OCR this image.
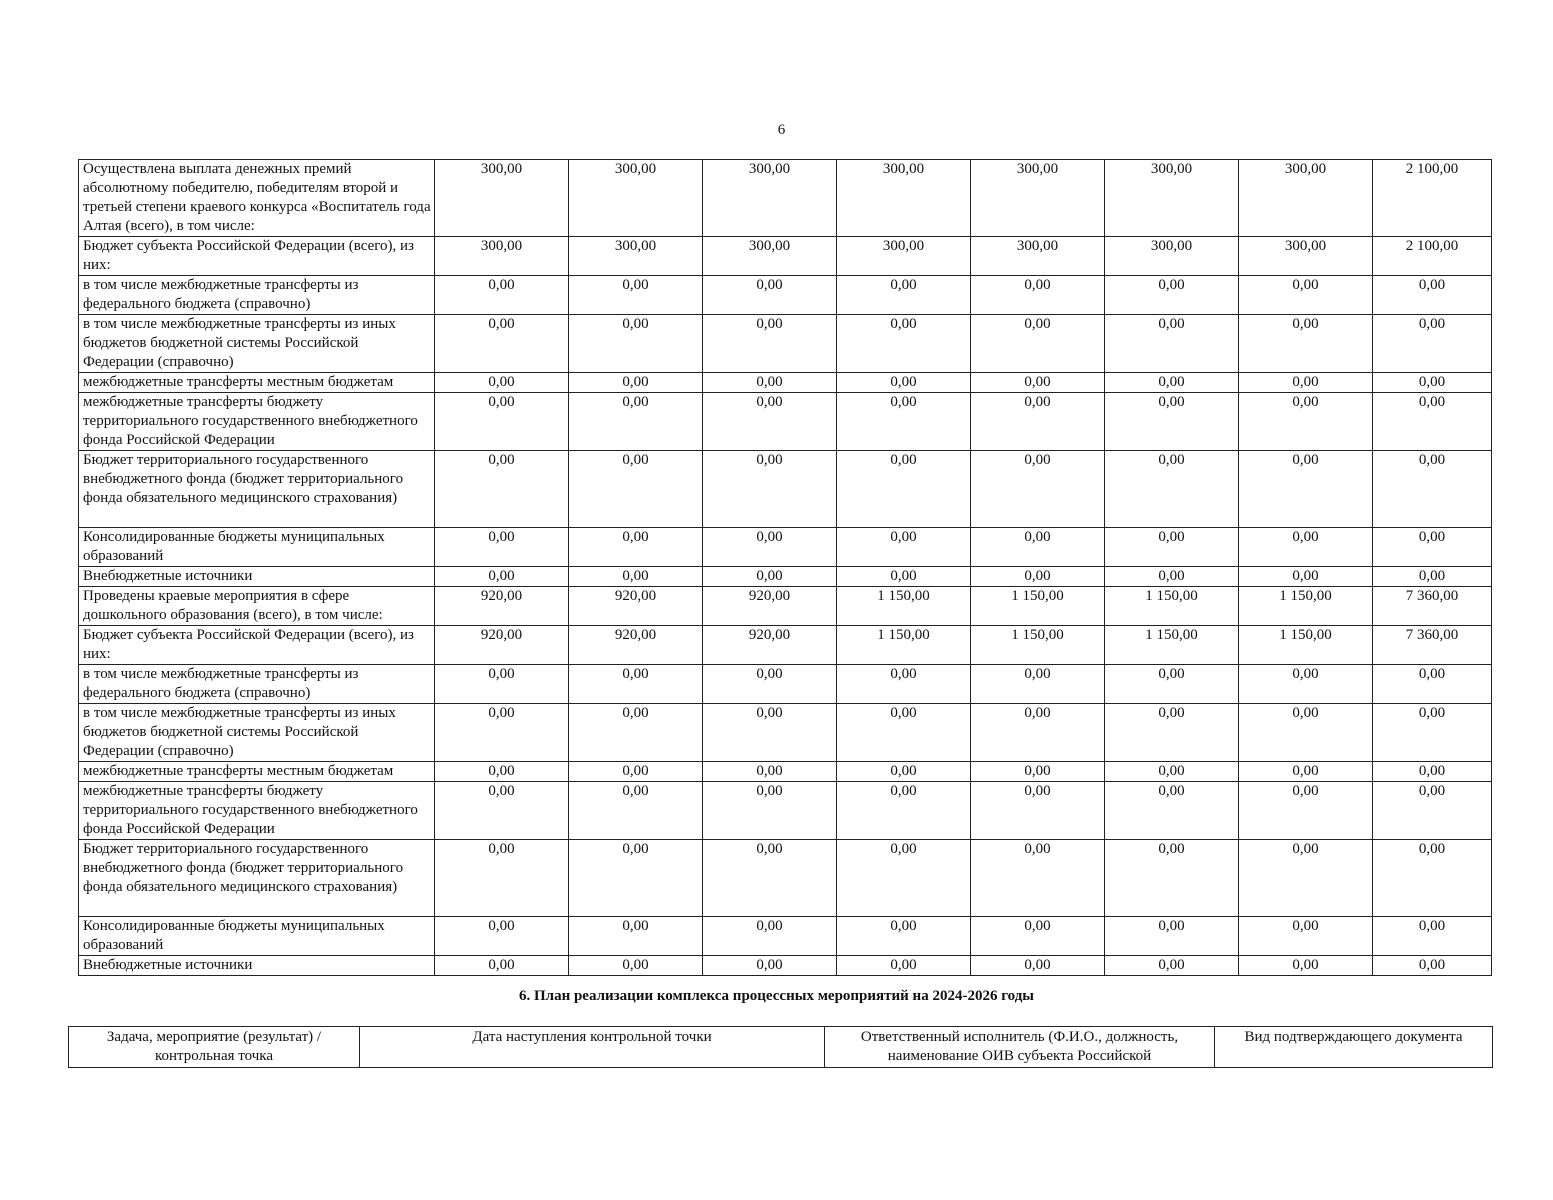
6
Осуществлена выплата денежных премий абсолютному победителю, победителям второй и третьей степени краевого конкурса «Воспитатель года Алтая (всего), в том числе:	300,00	300,00	300,00	300,00	300,00	300,00	300,00	2 100,00
Бюджет субъекта Российской Федерации (всего), из них:	300,00	300,00	300,00	300,00	300,00	300,00	300,00	2 100,00
в том числе межбюджетные трансферты из федерального бюджета (справочно)	0,00	0,00	0,00	0,00	0,00	0,00	0,00	0,00
в том числе межбюджетные трансферты из иных бюджетов бюджетной системы Российской Федерации (справочно)	0,00	0,00	0,00	0,00	0,00	0,00	0,00	0,00
межбюджетные трансферты местным бюджетам	0,00	0,00	0,00	0,00	0,00	0,00	0,00	0,00
межбюджетные трансферты бюджету территориального государственного внебюджетного фонда Российской Федерации	0,00	0,00	0,00	0,00	0,00	0,00	0,00	0,00
Бюджет территориального государственного внебюджетного фонда (бюджет территориального фонда обязательного медицинского страхования)	0,00	0,00	0,00	0,00	0,00	0,00	0,00	0,00
Консолидированные бюджеты муниципальных образований	0,00	0,00	0,00	0,00	0,00	0,00	0,00	0,00
Внебюджетные источники	0,00	0,00	0,00	0,00	0,00	0,00	0,00	0,00
Проведены краевые мероприятия в сфере дошкольного образования (всего), в том числе:	920,00	920,00	920,00	1 150,00	1 150,00	1 150,00	1 150,00	7 360,00
Бюджет субъекта Российской Федерации (всего), из них:	920,00	920,00	920,00	1 150,00	1 150,00	1 150,00	1 150,00	7 360,00
в том числе межбюджетные трансферты из федерального бюджета (справочно)	0,00	0,00	0,00	0,00	0,00	0,00	0,00	0,00
в том числе межбюджетные трансферты из иных бюджетов бюджетной системы Российской Федерации (справочно)	0,00	0,00	0,00	0,00	0,00	0,00	0,00	0,00
межбюджетные трансферты местным бюджетам	0,00	0,00	0,00	0,00	0,00	0,00	0,00	0,00
межбюджетные трансферты бюджету территориального государственного внебюджетного фонда Российской Федерации	0,00	0,00	0,00	0,00	0,00	0,00	0,00	0,00
Бюджет территориального государственного внебюджетного фонда (бюджет территориального фонда обязательного медицинского страхования)	0,00	0,00	0,00	0,00	0,00	0,00	0,00	0,00
Консолидированные бюджеты муниципальных образований	0,00	0,00	0,00	0,00	0,00	0,00	0,00	0,00
Внебюджетные источники	0,00	0,00	0,00	0,00	0,00	0,00	0,00	0,00
6. План реализации комплекса процессных мероприятий на 2024-2026 годы
Задача, мероприятие (результат) / контрольная точка	Дата наступления контрольной точки	Ответственный исполнитель (Ф.И.О., должность, наименование ОИВ субъекта Российской	Вид подтверждающего документа
